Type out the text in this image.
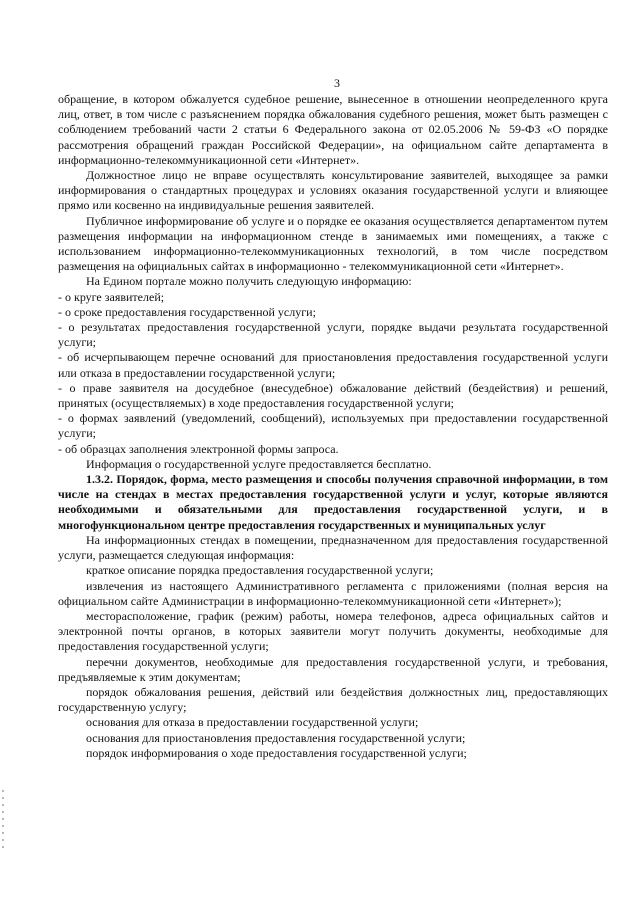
3

обращение, в котором обжалуется судебное решение, вынесенное в отношении неопределенного круга лиц, ответ, в том числе с разъяснением порядка обжалования судебного решения, может быть размещен с соблюдением требований части 2 статьи 6 Федерального закона от 02.05.2006 № 59-ФЗ «О порядке рассмотрения обращений граждан Российской Федерации», на официальном сайте департамента в информационно-телекоммуникационной сети «Интернет».

Должностное лицо не вправе осуществлять консультирование заявителей, выходящее за рамки информирования о стандартных процедурах и условиях оказания государственной услуги и влияющее прямо или косвенно на индивидуальные решения заявителей.

Публичное информирование об услуге и о порядке ее оказания осуществляется департаментом путем размещения информации на информационном стенде в занимаемых ими помещениях, а также с использованием информационно-телекоммуникационных технологий, в том числе посредством размещения на официальных сайтах в информационно - телекоммуникационной сети «Интернет».

На Едином портале можно получить следующую информацию:

- о круге заявителей;

- о сроке предоставления государственной услуги;

- о результатах предоставления государственной услуги, порядке выдачи результата государственной услуги;

- об исчерпывающем перечне оснований для приостановления предоставления государственной услуги или отказа в предоставлении государственной услуги;

- о праве заявителя на досудебное (внесудебное) обжалование действий (бездействия) и решений, принятых (осуществляемых) в ходе предоставления государственной услуги;

- о формах заявлений (уведомлений, сообщений), используемых при предоставлении государственной услуги;

- об образцах заполнения электронной формы запроса.

Информация о государственной услуге предоставляется бесплатно.

1.3.2. Порядок, форма, место размещения и способы получения справочной информации, в том числе на стендах в местах предоставления государственной услуги и услуг, которые являются необходимыми и обязательными для предоставления государственной услуги, и в многофункциональном центре предоставления государственных и муниципальных услуг

На информационных стендах в помещении, предназначенном для предоставления государственной услуги, размещается следующая информация:

краткое описание порядка предоставления государственной услуги;

извлечения из настоящего Административного регламента с приложениями (полная версия на официальном сайте Администрации в информационно-телекоммуникационной сети «Интернет»);

месторасположение, график (режим) работы, номера телефонов, адреса официальных сайтов и электронной почты органов, в которых заявители могут получить документы, необходимые для предоставления государственной услуги;

перечни документов, необходимые для предоставления государственной услуги, и требования, предъявляемые к этим документам;

порядок обжалования решения, действий или бездействия должностных лиц, предоставляющих государственную услугу;

основания для отказа в предоставлении государственной услуги;

основания для приостановления предоставления государственной услуги;

порядок информирования о ходе предоставления государственной услуги;
